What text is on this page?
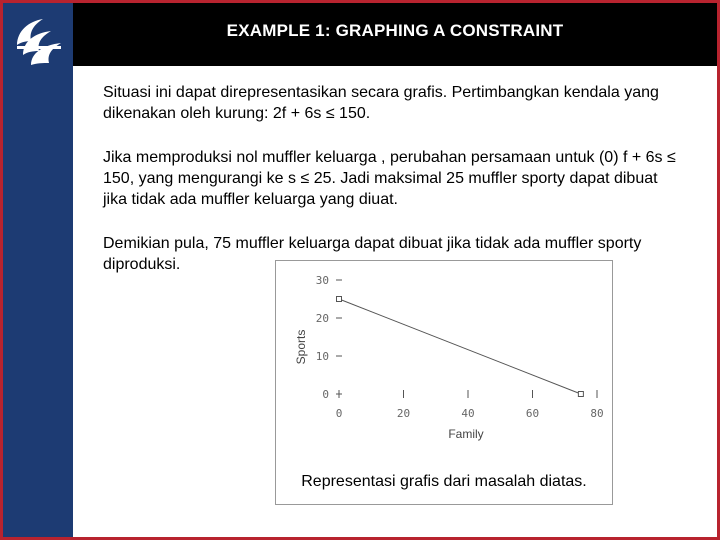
EXAMPLE 1: GRAPHING A CONSTRAINT

Situasi ini dapat direpresentasikan secara grafis. Pertimbangkan kendala yang dikenakan oleh kurung: 2f + 6s ≤ 150.

Jika memproduksi nol muffler keluarga , perubahan persamaan untuk (0) f + 6s ≤ 150, yang mengurangi ke s ≤ 25. Jadi maksimal 25 muffler sporty dapat dibuat jika tidak ada muffler keluarga yang diuat.

Demikian pula, 75 muffler keluarga dapat dibuat jika tidak ada muffler sporty diproduksi.

0
10
20
30
0	20	40	60	80
Family
Sports
Representasi grafis dari masalah diatas.
